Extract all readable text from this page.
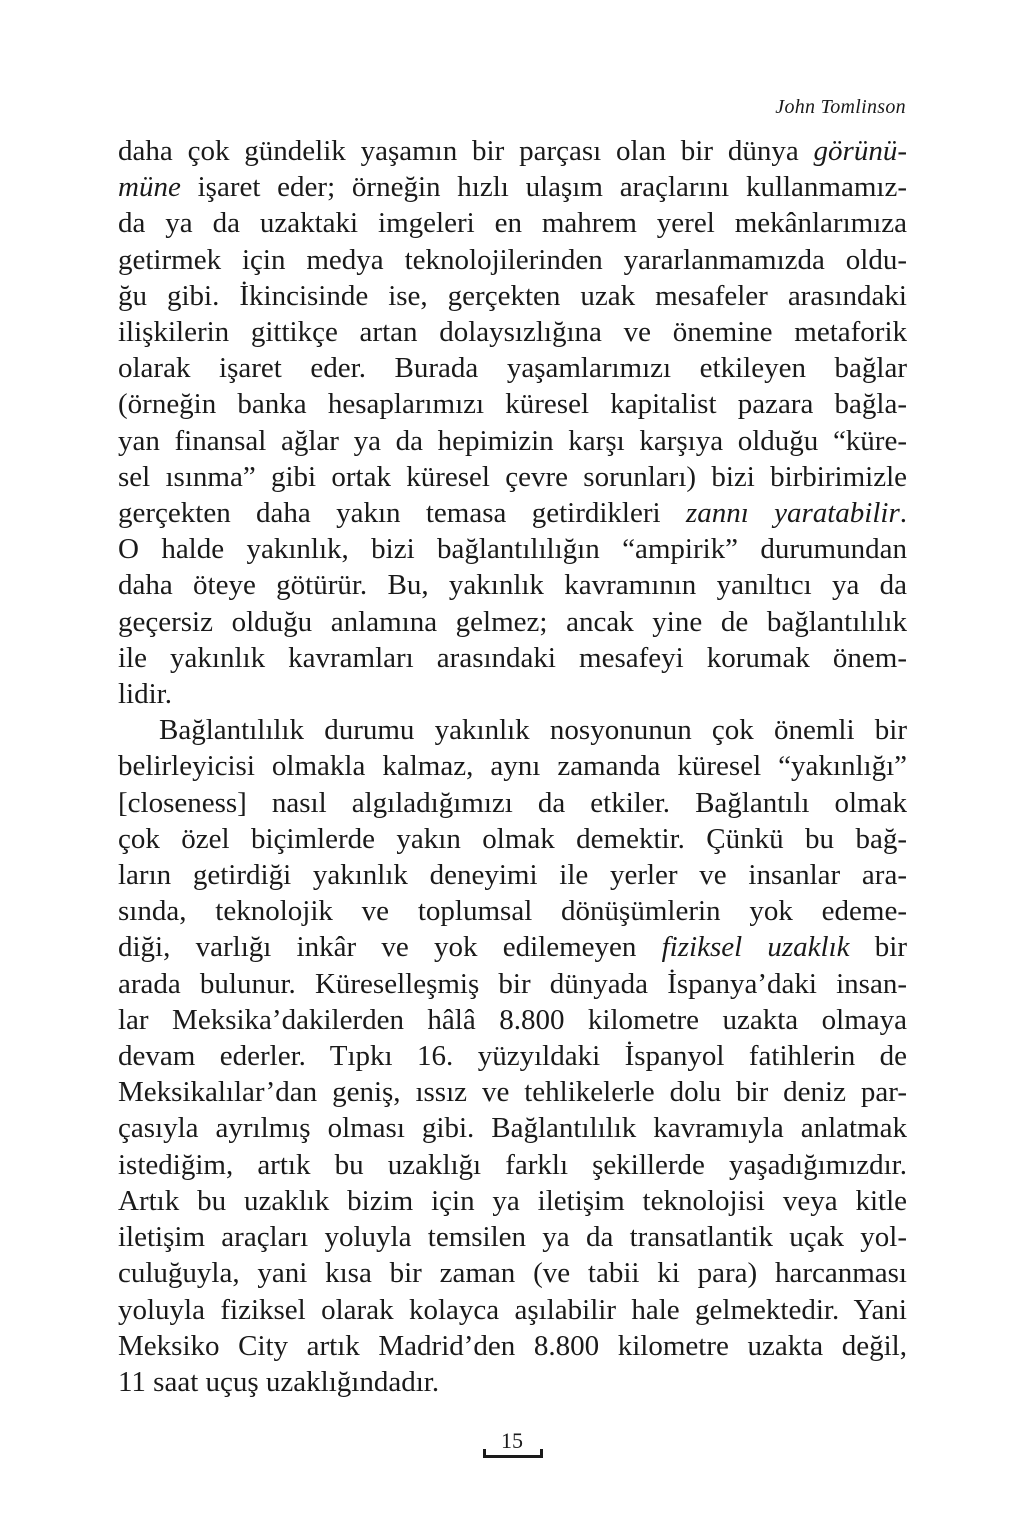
John Tomlinson
daha çok gündelik yaşamın bir parçası olan bir dünya görünü-
müne işaret eder; örneğin hızlı ulaşım araçlarını kullanmamız-
da ya da uzaktaki imgeleri en mahrem yerel mekânlarımıza
getirmek için medya teknolojilerinden yararlanmamızda oldu-
ğu gibi. İkincisinde ise, gerçekten uzak mesafeler arasındaki
ilişkilerin gittikçe artan dolaysızlığına ve önemine metaforik
olarak işaret eder. Burada yaşamlarımızı etkileyen bağlar
(örneğin banka hesaplarımızı küresel kapitalist pazara bağla-
yan finansal ağlar ya da hepimizin karşı karşıya olduğu “küre-
sel ısınma” gibi ortak küresel çevre sorunları) bizi birbirimizle
gerçekten daha yakın temasa getirdikleri zannı yaratabilir.
O halde yakınlık, bizi bağlantılılığın “ampirik” durumundan
daha öteye götürür. Bu, yakınlık kavramının yanıltıcı ya da
geçersiz olduğu anlamına gelmez; ancak yine de bağlantılılık
ile yakınlık kavramları arasındaki mesafeyi korumak önem-
lidir.
Bağlantılılık durumu yakınlık nosyonunun çok önemli bir
belirleyicisi olmakla kalmaz, aynı zamanda küresel “yakınlığı”
[closeness] nasıl algıladığımızı da etkiler. Bağlantılı olmak
çok özel biçimlerde yakın olmak demektir. Çünkü bu bağ-
ların getirdiği yakınlık deneyimi ile yerler ve insanlar ara-
sında, teknolojik ve toplumsal dönüşümlerin yok edeme-
diği, varlığı inkâr ve yok edilemeyen fiziksel uzaklık bir
arada bulunur. Küreselleşmiş bir dünyada İspanya’daki insan-
lar Meksika’dakilerden hâlâ 8.800 kilometre uzakta olmaya
devam ederler. Tıpkı 16. yüzyıldaki İspanyol fatihlerin de
Meksikalılar’dan geniş, ıssız ve tehlikelerle dolu bir deniz par-
çasıyla ayrılmış olması gibi. Bağlantılılık kavramıyla anlatmak
istediğim, artık bu uzaklığı farklı şekillerde yaşadığımızdır.
Artık bu uzaklık bizim için ya iletişim teknolojisi veya kitle
iletişim araçları yoluyla temsilen ya da transatlantik uçak yol-
culuğuyla, yani kısa bir zaman (ve tabii ki para) harcanması
yoluyla fiziksel olarak kolayca aşılabilir hale gelmektedir. Yani
Meksiko City artık Madrid’den 8.800 kilometre uzakta değil,
11 saat uçuş uzaklığındadır.
15
